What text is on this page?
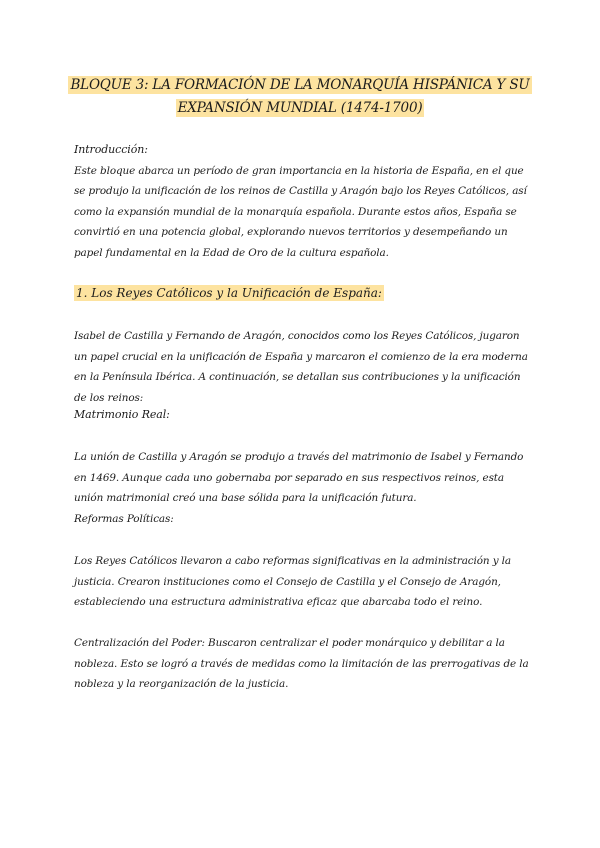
BLOQUE 3: LA FORMACIÓN DE LA MONARQUÍA HISPÁNICA Y SU
EXPANSIÓN MUNDIAL (1474-1700)
Introducción:
Este bloque abarca un período de gran importancia en la historia de España, en el que se produjo la unificación de los reinos de Castilla y Aragón bajo los Reyes Católicos, así como la expansión mundial de la monarquía española. Durante estos años, España se convirtió en una potencia global, explorando nuevos territorios y desempeñando un papel fundamental en la Edad de Oro de la cultura española.
1. Los Reyes Católicos y la Unificación de España:
Isabel de Castilla y Fernando de Aragón, conocidos como los Reyes Católicos, jugaron un papel crucial en la unificación de España y marcaron el comienzo de la era moderna en la Península Ibérica. A continuación, se detallan sus contribuciones y la unificación de los reinos:
Matrimonio Real:
La unión de Castilla y Aragón se produjo a través del matrimonio de Isabel y Fernando en 1469. Aunque cada uno gobernaba por separado en sus respectivos reinos, esta unión matrimonial creó una base sólida para la unificación futura.
Reformas Políticas:
Los Reyes Católicos llevaron a cabo reformas significativas en la administración y la justicia. Crearon instituciones como el Consejo de Castilla y el Consejo de Aragón, estableciendo una estructura administrativa eficaz que abarcaba todo el reino.
Centralización del Poder: Buscaron centralizar el poder monárquico y debilitar a la nobleza. Esto se logró a través de medidas como la limitación de las prerrogativas de la nobleza y la reorganización de la justicia.
